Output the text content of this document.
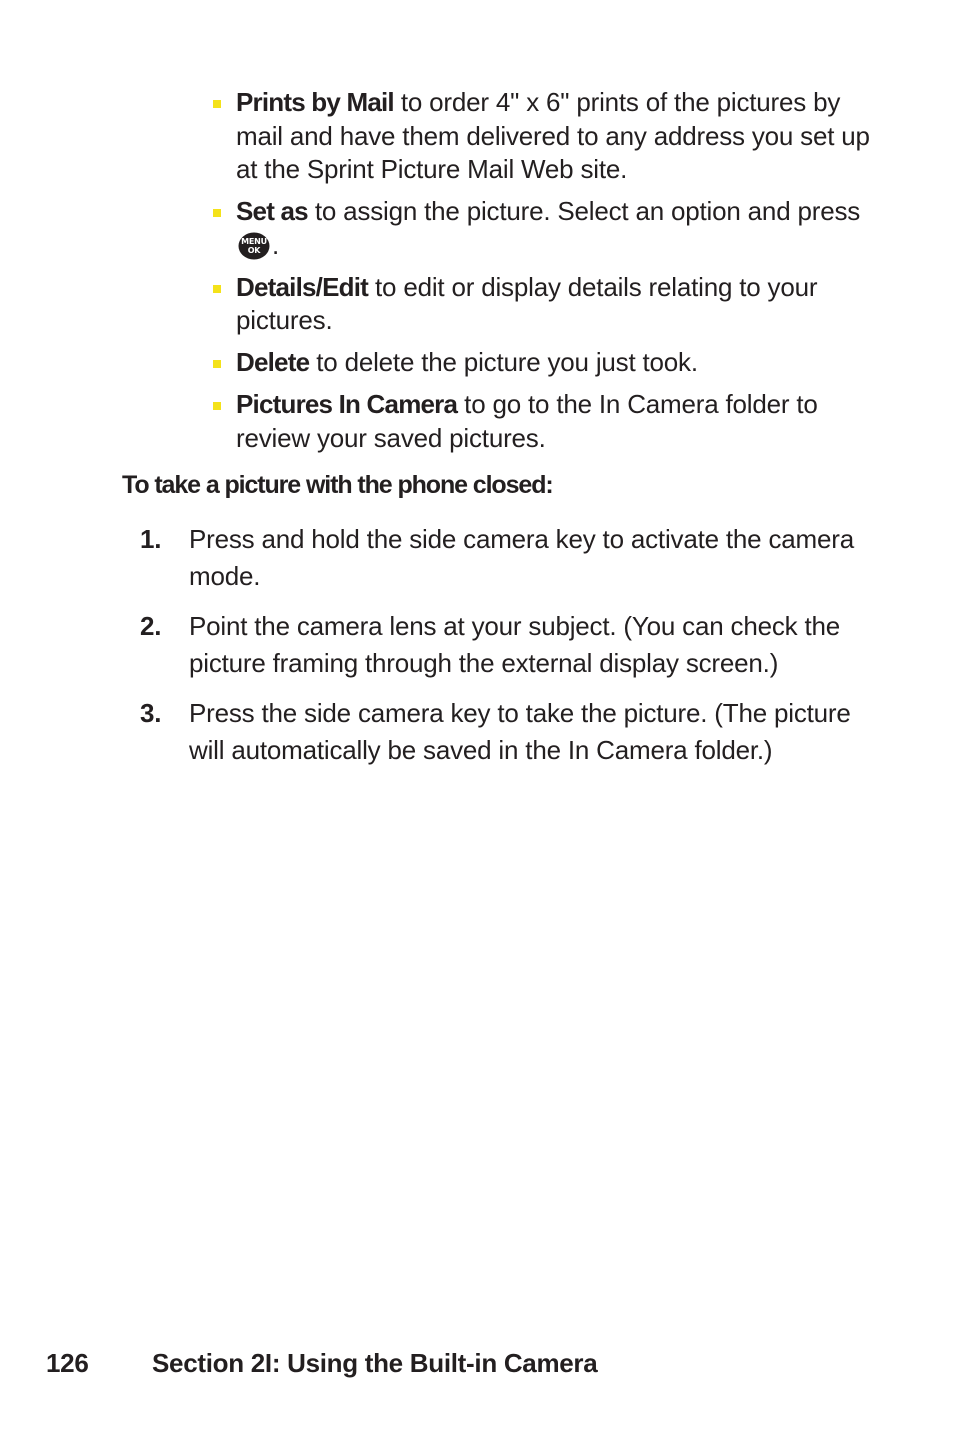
Prints by Mail to order 4" x 6" prints of the pictures by mail and have them delivered to any address you set up at the Sprint Picture Mail Web site.
Set as to assign the picture. Select an option and press
MENU
OK .
Details/Edit to edit or display details relating to your pictures.
Delete to delete the picture you just took.
Pictures In Camera to go to the In Camera folder to review your saved pictures.
To take a picture with the phone closed:
1. Press and hold the side camera key to activate the camera mode.
2. Point the camera lens at your subject. (You can check the picture framing through the external display screen.)
3. Press the side camera key to take the picture. (The picture will automatically be saved in the In Camera folder.)
126 Section 2I: Using the Built-in Camera
